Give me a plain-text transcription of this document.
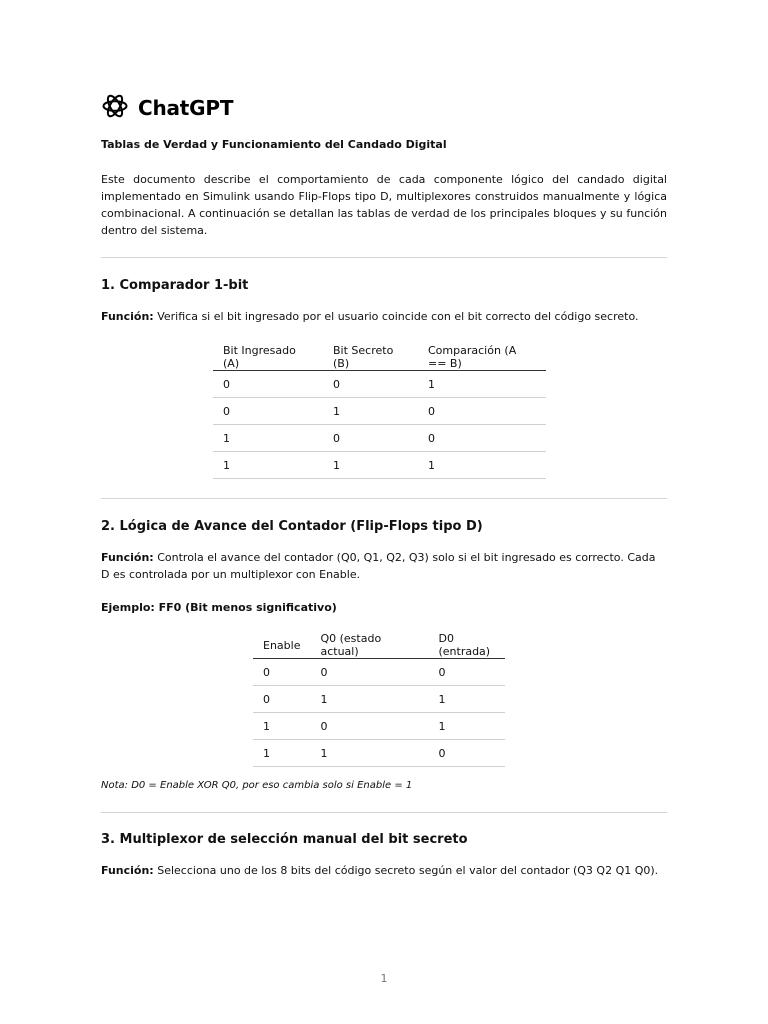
ChatGPT
Tablas de Verdad y Funcionamiento del Candado Digital

Este documento describe el comportamiento de cada componente lógico del candado digital implementado en Simulink usando Flip-Flops tipo D, multiplexores construidos manualmente y lógica combinacional. A continuación se detallan las tablas de verdad de los principales bloques y su función dentro del sistema.

1. Comparador 1-bit

Función: Verifica si el bit ingresado por el usuario coincide con el bit correcto del código secreto.

Bit Ingresado (A)	Bit Secreto (B)	Comparación (A == B)
0	0	1
0	1	0
1	0	0
1	1	1
2. Lógica de Avance del Contador (Flip-Flops tipo D)

Función: Controla el avance del contador (Q0, Q1, Q2, Q3) solo si el bit ingresado es correcto. Cada D es controlada por un multiplexor con Enable.

Ejemplo: FF0 (Bit menos significativo)
Enable	Q0 (estado actual)	D0 (entrada)
0	0	0
0	1	1
1	0	1
1	1	0

Nota: D0 = Enable XOR Q0, por eso cambia solo si Enable = 1

3. Multiplexor de selección manual del bit secreto

Función: Selecciona uno de los 8 bits del código secreto según el valor del contador (Q3 Q2 Q1 Q0).

1
